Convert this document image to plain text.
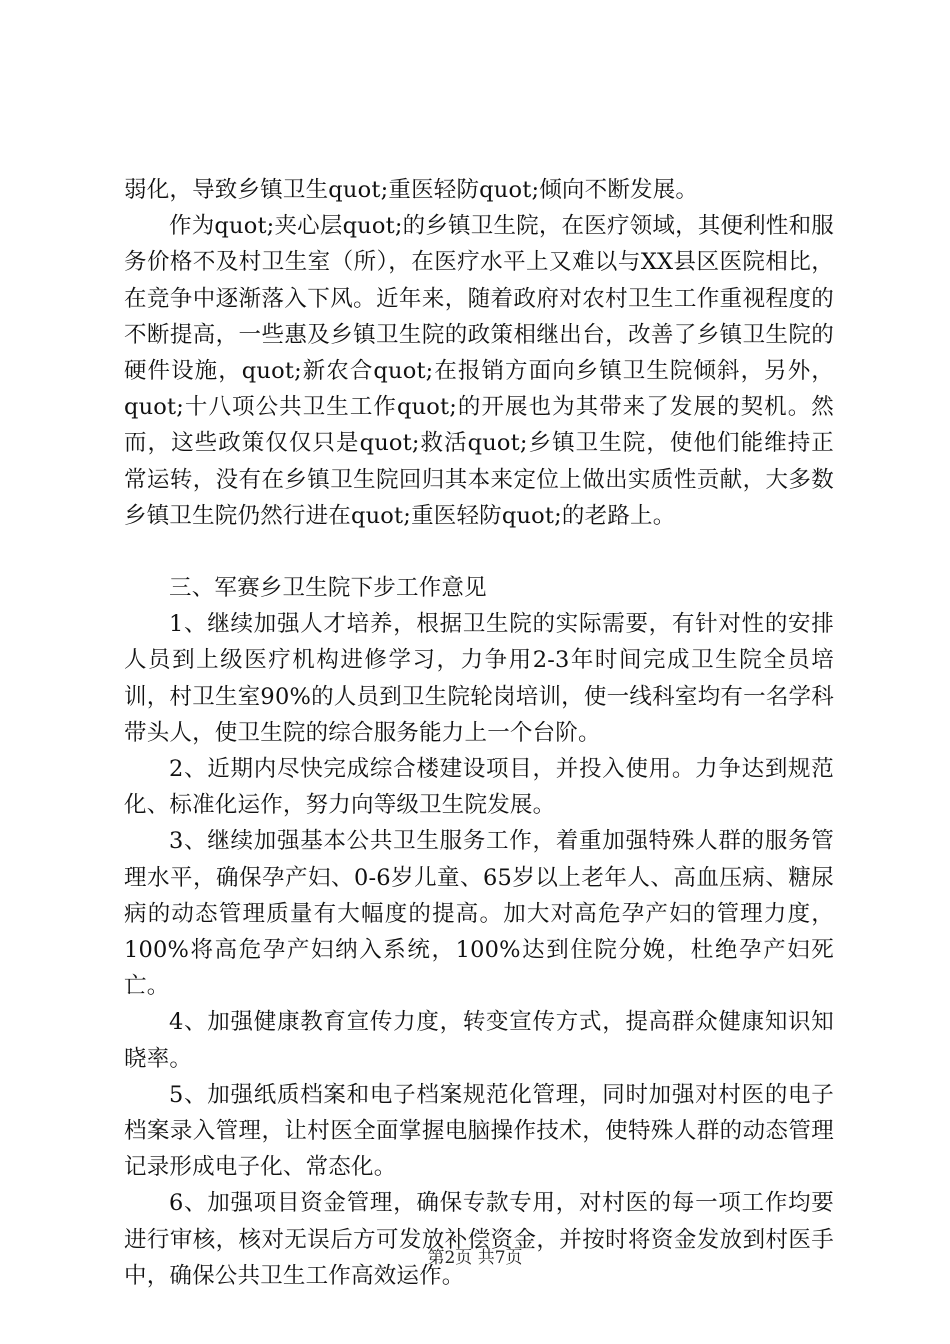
弱化，导致乡镇卫生quot;重医轻防quot;倾向不断发展。

作为quot;夹心层quot;的乡镇卫生院，在医疗领域，其便利性和服务价格不及村卫生室（所），在医疗水平上又难以与XX县区医院相比，在竞争中逐渐落入下风。近年来，随着政府对农村卫生工作重视程度的不断提高，一些惠及乡镇卫生院的政策相继出台，改善了乡镇卫生院的硬件设施，quot;新农合quot;在报销方面向乡镇卫生院倾斜，另外，quot;十八项公共卫生工作quot;的开展也为其带来了发展的契机。然而，这些政策仅仅只是quot;救活quot;乡镇卫生院，使他们能维持正常运转，没有在乡镇卫生院回归其本来定位上做出实质性贡献，大多数乡镇卫生院仍然行进在quot;重医轻防quot;的老路上。

三、军赛乡卫生院下步工作意见

1、继续加强人才培养，根据卫生院的实际需要，有针对性的安排人员到上级医疗机构进修学习，力争用2-3年时间完成卫生院全员培训，村卫生室90%的人员到卫生院轮岗培训，使一线科室均有一名学科带头人，使卫生院的综合服务能力上一个台阶。

2、近期内尽快完成综合楼建设项目，并投入使用。力争达到规范化、标准化运作，努力向等级卫生院发展。

3、继续加强基本公共卫生服务工作，着重加强特殊人群的服务管理水平，确保孕产妇、0-6岁儿童、65岁以上老年人、高血压病、糖尿病的动态管理质量有大幅度的提高。加大对高危孕产妇的管理力度，100%将高危孕产妇纳入系统，100%达到住院分娩，杜绝孕产妇死亡。

4、加强健康教育宣传力度，转变宣传方式，提高群众健康知识知晓率。

5、加强纸质档案和电子档案规范化管理，同时加强对村医的电子档案录入管理，让村医全面掌握电脑操作技术，使特殊人群的动态管理记录形成电子化、常态化。

6、加强项目资金管理，确保专款专用，对村医的每一项工作均要进行审核，核对无误后方可发放补偿资金，并按时将资金发放到村医手中，确保公共卫生工作高效运作。

第2页 共7页
